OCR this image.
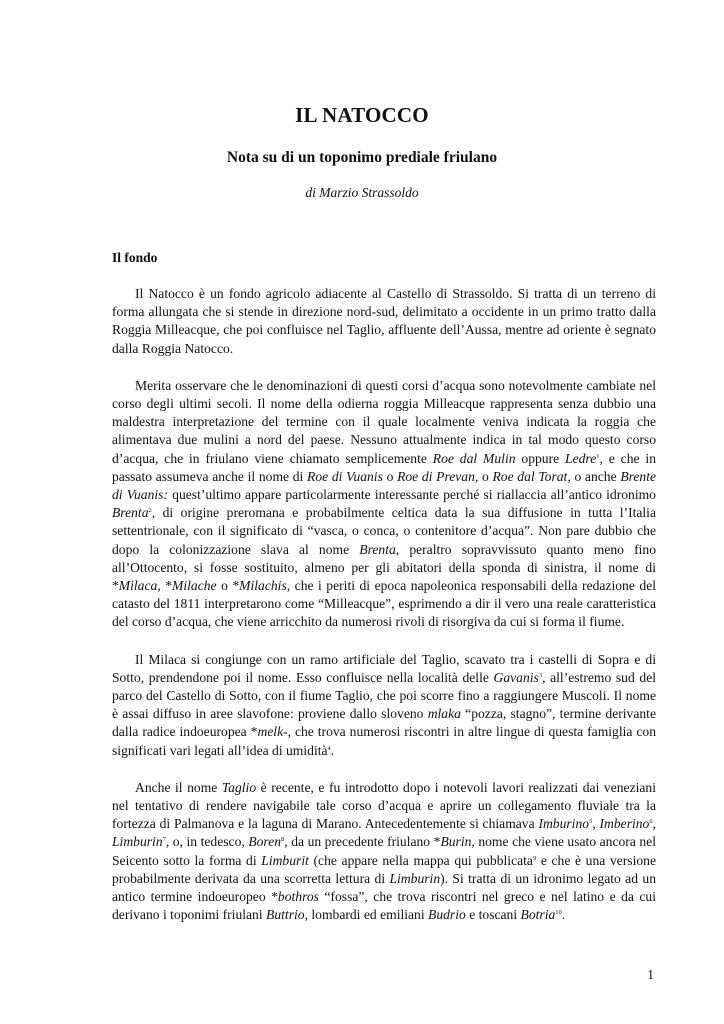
IL NATOCCO
Nota su di un toponimo prediale friulano
di Marzio Strassoldo
Il fondo

Il Natocco è un fondo agricolo adiacente al Castello di Strassoldo. Si tratta di un terreno di forma allungata che si stende in direzione nord-sud, delimitato a occidente in un primo tratto dalla Roggia Milleacque, che poi confluisce nel Taglio, affluente dell’Aussa, mentre ad oriente è segnato dalla Roggia Natocco.

Merita osservare che le denominazioni di questi corsi d’acqua sono notevolmente cambiate nel corso degli ultimi secoli. Il nome della odierna roggia Milleacque rappresenta senza dubbio una maldestra interpretazione del termine con il quale localmente veniva indicata la roggia che alimentava due mulini a nord del paese. Nessuno attualmente indica in tal modo questo corso d’acqua, che in friulano viene chiamato semplicemente Roe dal Mulin oppure Ledre$^1$, e che in passato assumeva anche il nome di Roe di Vuanis o Roe di Prevan, o Roe dal Torat, o anche Brente di Vuanis: quest’ultimo appare particolarmente interessante perché si riallaccia all’antico idronimo Brenta$^2$, di origine preromana e probabilmente celtica data la sua diffusione in tutta l’Italia settentrionale, con il significato di “vasca, o conca, o contenitore d’acqua”. Non pare dubbio che dopo la colonizzazione slava al nome Brenta, peraltro sopravvissuto quanto meno fino all’Ottocento, si fosse sostituito, almeno per gli abitatori della sponda di sinistra, il nome di *Milaca, *Milache o *Milachis, che i periti di epoca napoleonica responsabili della redazione del catasto del 1811 interpretarono come “Milleacque”, esprimendo a dir il vero una reale caratteristica del corso d’acqua, che viene arricchito da numerosi rivoli di risorgiva da cui si forma il fiume.

Il Milaca si congiunge con un ramo artificiale del Taglio, scavato tra i castelli di Sopra e di Sotto, prendendone poi il nome. Esso confluisce nella località delle Gavanis$^3$, all’estremo sud del parco del Castello di Sotto, con il fiume Taglio, che poi scorre fino a raggiungere Muscoli. Il nome è assai diffuso in aree slavofone: proviene dallo sloveno mlaka “pozza, stagno”, termine derivante dalla radice indoeuropea *melk-, che trova numerosi riscontri in altre lingue di questa famiglia con significati vari legati all’idea di umidità$^4$.

Anche il nome Taglio è recente, e fu introdotto dopo i notevoli lavori realizzati dai veneziani nel tentativo di rendere navigabile tale corso d’acqua e aprire un collegamento fluviale tra la fortezza di Palmanova e la laguna di Marano. Antecedentemente si chiamava Imburino$^5$, Imberino$^6$, Limburin$^7$, o, in tedesco, Boren$^8$, da un precedente friulano *Burin, nome che viene usato ancora nel Seicento sotto la forma di Limburit (che appare nella mappa qui pubblicata$^9$ e che è una versione probabilmente derivata da una scorretta lettura di Limburin). Si tratta di un idronimo legato ad un antico termine indoeuropeo *bothros “fossa”, che trova riscontri nel greco e nel latino e da cui derivano i toponimi friulani Buttrio, lombardi ed emiliani Budrio e toscani Botria$^{10}$.

1
